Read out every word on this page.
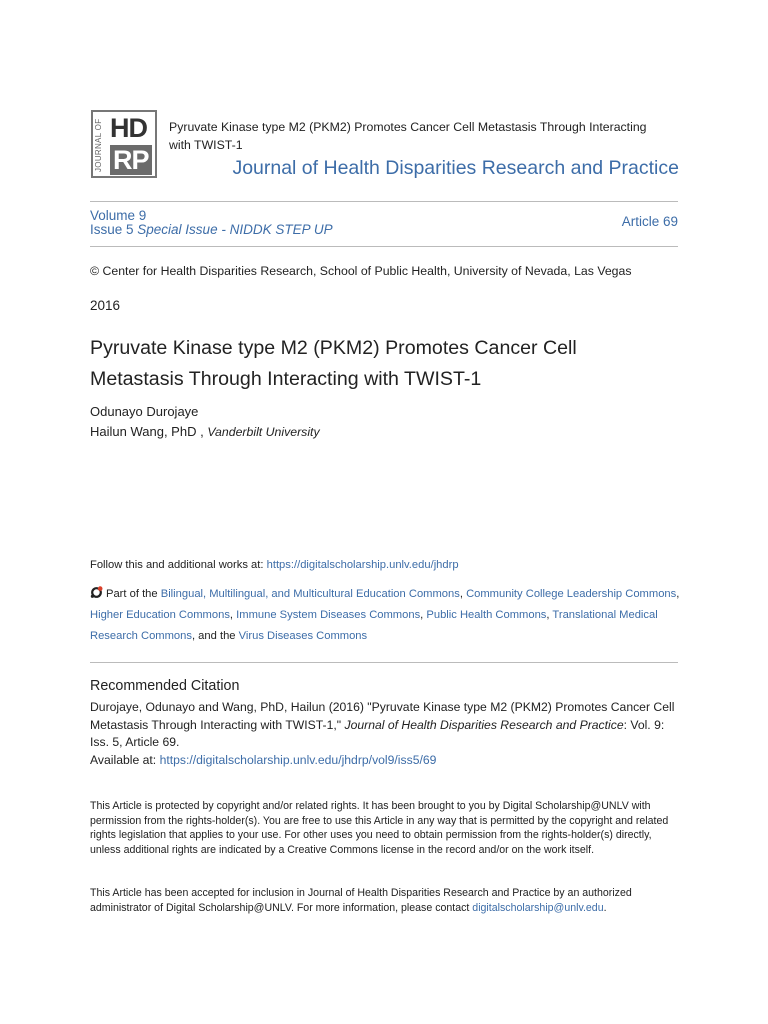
JOURNAL OF HD
RP
Pyruvate Kinase type M2 (PKM2) Promotes Cancer Cell Metastasis Through Interacting with TWIST-1
Journal of Health Disparities Research and Practice
Volume 9
Issue 5 Special Issue - NIDDK STEP UP
Article 69
© Center for Health Disparities Research, School of Public Health, University of Nevada, Las Vegas
2016
Pyruvate Kinase type M2 (PKM2) Promotes Cancer Cell Metastasis Through Interacting with TWIST-1
Odunayo Durojaye
Hailun Wang, PhD , Vanderbilt University
Follow this and additional works at: https://digitalscholarship.unlv.edu/jhdrp
Part of the Bilingual, Multilingual, and Multicultural Education Commons, Community College Leadership Commons, Higher Education Commons, Immune System Diseases Commons, Public Health Commons, Translational Medical Research Commons, and the Virus Diseases Commons
Recommended Citation
Durojaye, Odunayo and Wang, PhD, Hailun (2016) "Pyruvate Kinase type M2 (PKM2) Promotes Cancer Cell Metastasis Through Interacting with TWIST-1," Journal of Health Disparities Research and Practice: Vol. 9: Iss. 5, Article 69.
Available at: https://digitalscholarship.unlv.edu/jhdrp/vol9/iss5/69
This Article is protected by copyright and/or related rights. It has been brought to you by Digital Scholarship@UNLV with permission from the rights-holder(s). You are free to use this Article in any way that is permitted by the copyright and related rights legislation that applies to your use. For other uses you need to obtain permission from the rights-holder(s) directly, unless additional rights are indicated by a Creative Commons license in the record and/or on the work itself.
This Article has been accepted for inclusion in Journal of Health Disparities Research and Practice by an authorized administrator of Digital Scholarship@UNLV. For more information, please contact digitalscholarship@unlv.edu.
